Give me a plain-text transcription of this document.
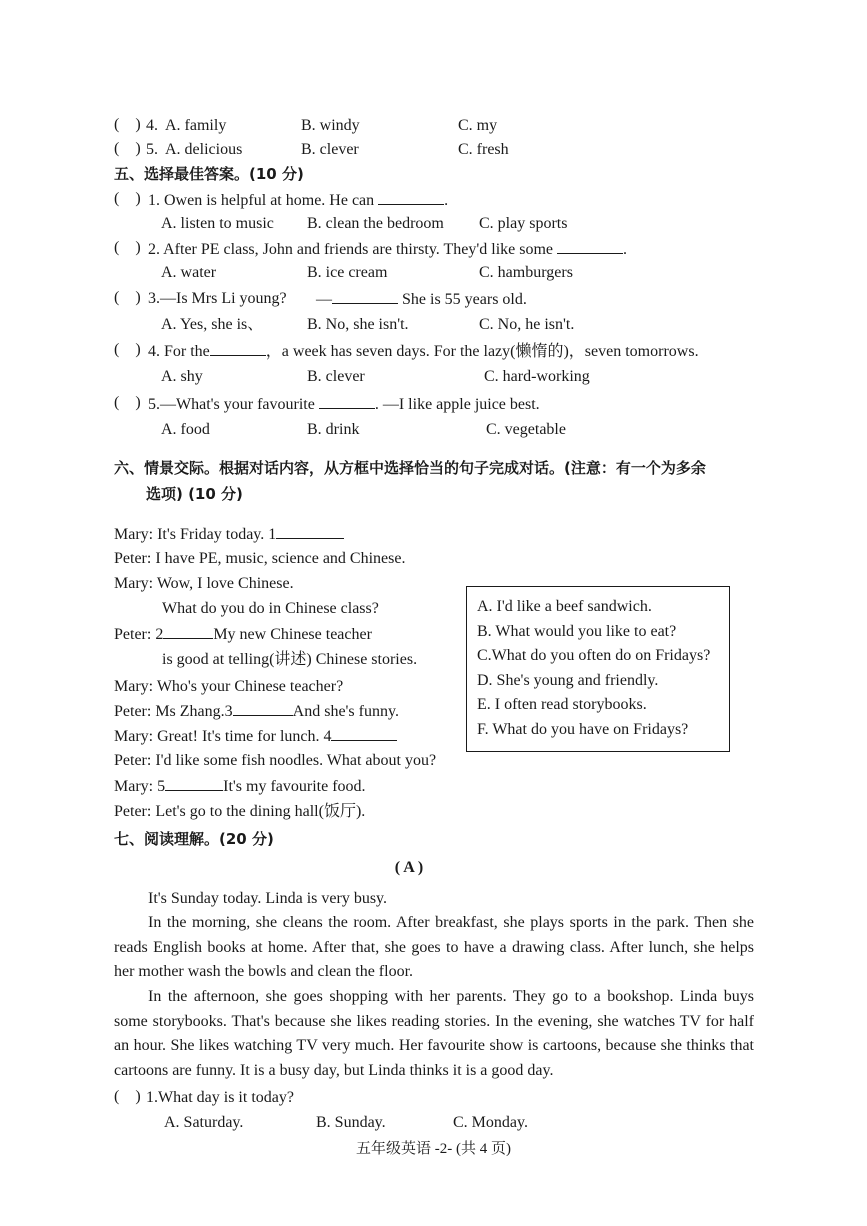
(    ) 4. A. family	B. windy	C. my
(    ) 5. A. delicious	B. clever	C. fresh
五、选择最佳答案。(10 分)
(    ) 1. Owen is helpful at home. He can	.
A. listen to music B. clean the bedroom C. play sports
(    ) 2. After PE class, John and friends are thirsty. They'd like some	.
A. water	B. ice cream	C. hamburgers
(    ) 3.—Is Mrs Li young? —	She is 55 years old.
A. Yes, she is、	B. No, she isn't.	C. No, he isn't.
(    ) 4. For the	，a week has seven days. For the lazy(懒惰的)，seven tomorrows.
A. shy	B. clever	C. hard-working
(    ) 5.—What's your favourite	. —I like apple juice best.
A. food	B. drink	C. vegetable
六、情景交际。根据对话内容，从方框中选择恰当的句子完成对话。(注意：有一个为多余
选项) (10 分)
Mary: It's Friday today. 1
Peter: I have PE, music, science and Chinese.
Mary: Wow, I love Chinese.
What do you do in Chinese class?
Peter: 2	My new Chinese teacher
is good at telling(讲述) Chinese stories.
Mary: Who's your Chinese teacher?
Peter: Ms Zhang.3	And she's funny.
Mary: Great! It's time for lunch. 4
Peter: I'd like some fish noodles. What about you?
Mary: 5	It's my favourite food.
Peter: Let's go to the dining hall(饭厅).
A. I'd like a beef sandwich.
B. What would you like to eat?
C.What do you often do on Fridays?
D. She's young and friendly.
E. I often read storybooks.
F. What do you have on Fridays?
七、阅读理解。(20 分)
( A )
It's Sunday today. Linda is very busy.
In the morning, she cleans the room. After breakfast, she plays sports in the park. Then she reads English books at home. After that, she goes to have a drawing class. After lunch, she helps her mother wash the bowls and clean the floor.
In the afternoon, she goes shopping with her parents. They go to a bookshop. Linda buys some storybooks. That's because she likes reading stories. In the evening, she watches TV for half an hour. She likes watching TV very much. Her favourite show is cartoons, because she thinks that cartoons are funny. It is a busy day, but Linda thinks it is a good day.
(    ) 1.What day is it today?
A. Saturday.	B. Sunday.	C. Monday.
五年级英语 -2- (共 4 页)
